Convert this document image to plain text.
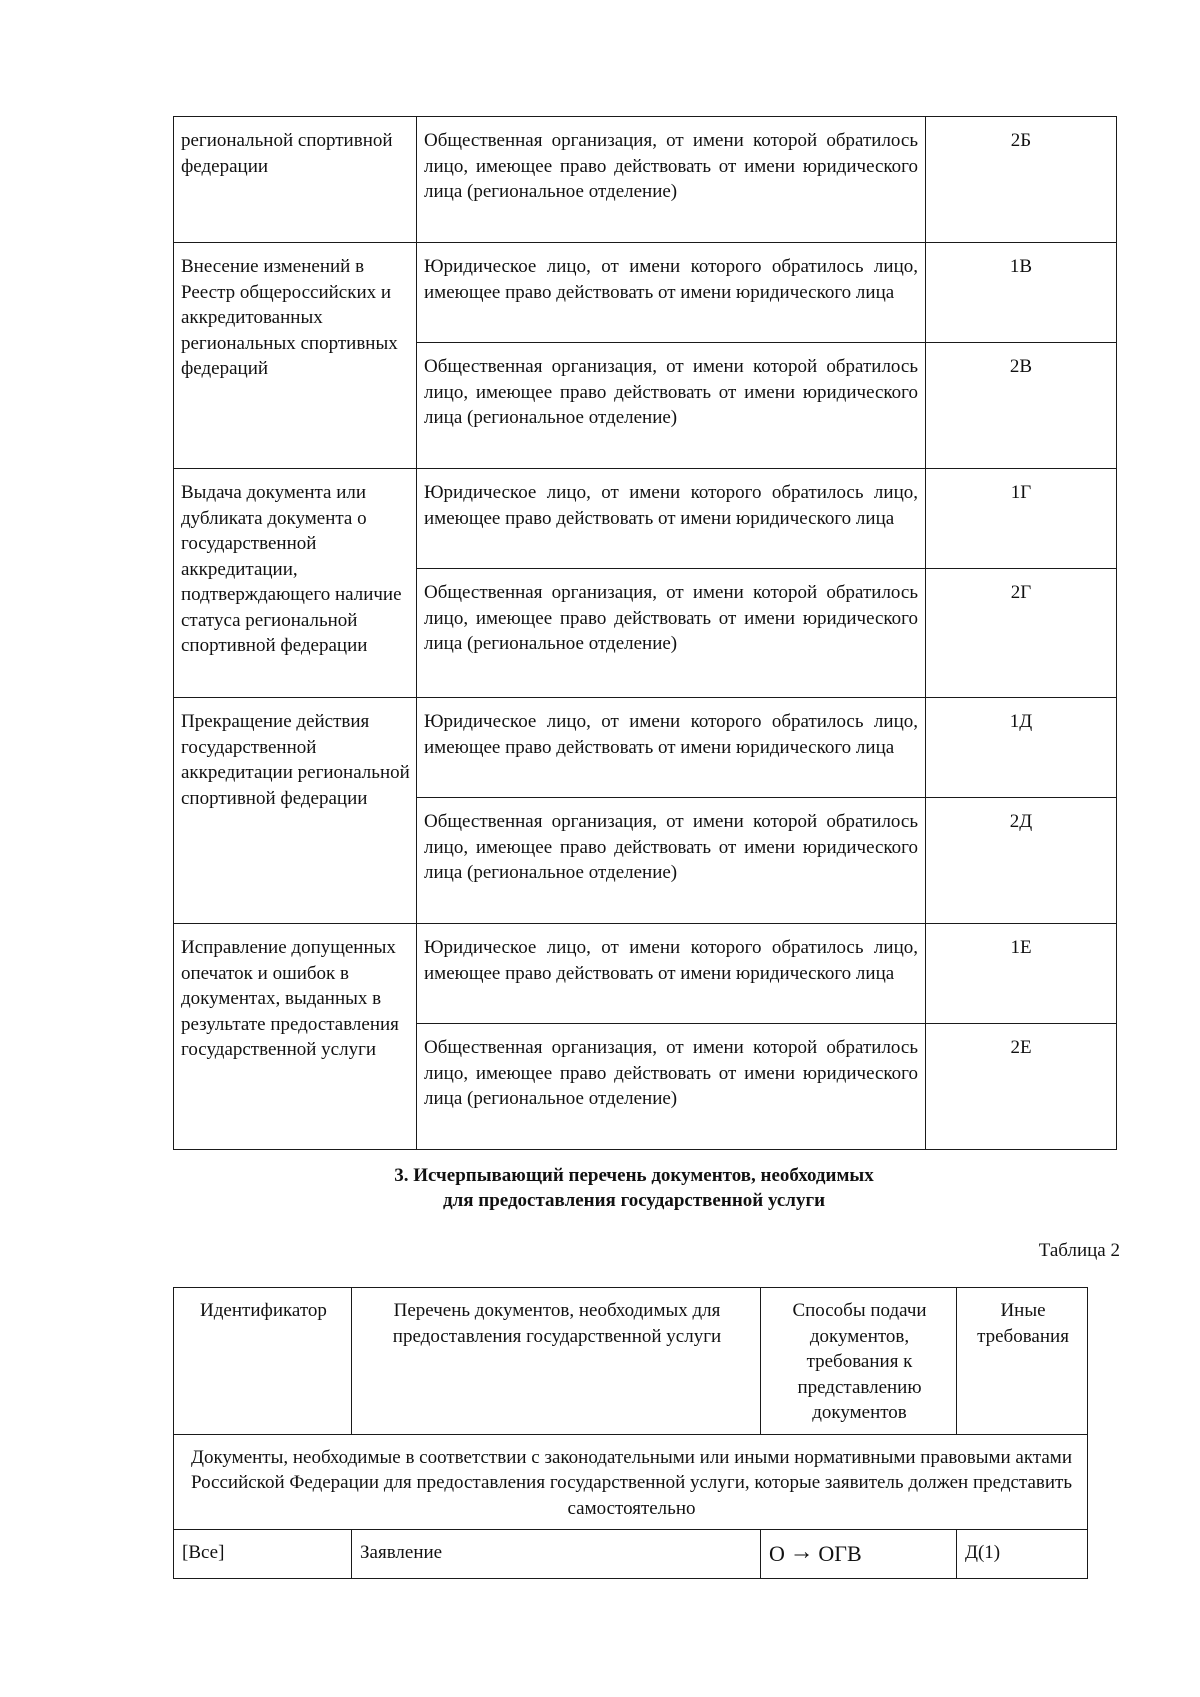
региональной спортивной федерации	Общественная организация, от имени которой обратилось лицо, имеющее право действовать от имени юридического лица (региональное отделение)	2Б
Внесение изменений в Реестр общероссийских и аккредитованных региональных спортивных федераций	Юридическое лицо, от имени которого обратилось лицо, имеющее право действовать от имени юридического лица	1В
	Общественная организация, от имени которой обратилось лицо, имеющее право действовать от имени юридического лица (региональное отделение)	2В
Выдача документа или дубликата документа о государственной аккредитации, подтверждающего наличие статуса региональной спортивной федерации	Юридическое лицо, от имени которого обратилось лицо, имеющее право действовать от имени юридического лица	1Г
	Общественная организация, от имени которой обратилось лицо, имеющее право действовать от имени юридического лица (региональное отделение)	2Г
Прекращение действия государственной аккредитации региональной спортивной федерации	Юридическое лицо, от имени которого обратилось лицо, имеющее право действовать от имени юридического лица	1Д
	Общественная организация, от имени которой обратилось лицо, имеющее право действовать от имени юридического лица (региональное отделение)	2Д
Исправление допущенных опечаток и ошибок в документах, выданных в результате предоставления государственной услуги	Юридическое лицо, от имени которого обратилось лицо, имеющее право действовать от имени юридического лица	1Е
	Общественная организация, от имени которой обратилось лицо, имеющее право действовать от имени юридического лица (региональное отделение)	2Е
3. Исчерпывающий перечень документов, необходимых
для предоставления государственной услуги
Таблица 2
Идентификатор	Перечень документов, необходимых для предоставления государственной услуги	Способы подачи документов, требования к представлению документов	Иные требования
Документы, необходимые в соответствии с законодательными или иными нормативными правовыми актами Российской Федерации для предоставления государственной услуги, которые заявитель должен представить самостоятельно			
[Все]	Заявление	О → ОГВ	Д(1)
